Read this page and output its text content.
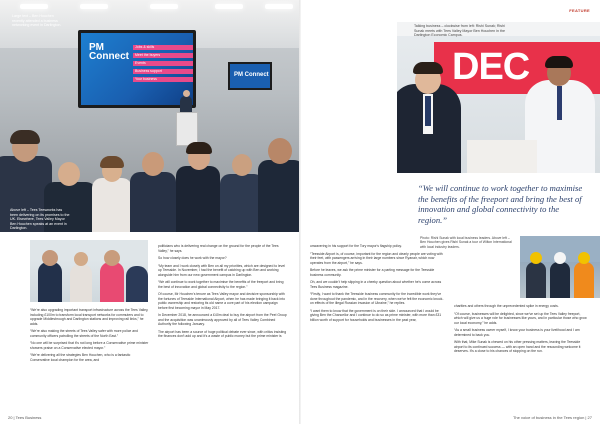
PM Connect
Jobs & skills
Meet the buyers
Events
Business support
Your business
PM Connect
Large text – Ben Houchen recently attended a business networking event in Darlington.
Above left – Tees Teesworks has been delivering on its promises to the UK. Elsewhere, Tees Valley Mayor Ben Houchen speaks at an event in Darlington.

“We're also upgrading important transport infrastructure across the Tees Valley, including £100m to transform local transport networks for commuters and to upgrade Middlesbrough and Darlington stations and improving rail links,” he adds.

“We're also making the streets of Tees Valley safer with more police and community officers patrolling the streets of the North East.”

“No one will be surprised that it's not long before a Conservative prime minister showers praise on a Conservative elected mayor.”

“We're delivering all the strategies Ben Houchen, who is a fantastic Conservative local champion for the area, and

politicians who is delivering real change on the ground for the people of the Tees Valley,” he says.

So how closely does he work with the mayor?

“My team and I work closely with Ben on all my priorities, which are designed to level up Teesside. In November, I had the benefit of catching up with Ben and working alongside him from our new government campus in Darlington.

“We will continue to work together to maximise the benefits of the freeport and bring the best of innovation and global connectivity to the region.”

Of course, Mr Houchen's tenure as Tees Valley mayor and decisive sponsorship with the fortunes of Teesside International Airport, when he has made bringing it back into public ownership and restoring its old name a core part of his election campaign before first becoming mayor in May 2017.

In December 2018, he announced a £40m deal to buy the airport from the Peel Group and the acquisition was unanimously approved by all of Tees Valley Combined Authority the following January.

The airport has been a source of huge political debate ever since, with critics insisting the finances don't add up and it's a waste of public money but the prime minister is

20 | Tees Business
FEATURE
DEC
Talking business – clockwise from left: Rishi Sunak; Rishi Sunak meets with Tees Valley Mayor Ben Houchen in the Darlington Economic Campus.
“We will continue to work together to maximise the benefits of the freeport and bring the best of innovation and global connectivity to the region.”
Photo: Rishi Sunak with local business leaders. Above left – Ben Houchen gives Rishi Sunak a tour of Wilton International with local industry leaders.

unwavering in his support for the Tory mayor's flagship policy.

“Teesside Airport is, of course, important for the region and clearly people are voting with their feet, with passengers arriving in their large numbers since Ryanair, which now operates from the airport,” he says.

Before he leaves, we ask the prime minister for a parting message for the Teesside business community.

Oh, and we couldn't help slipping in a cheeky question about whether he's come across Tees Business magazine.

“Firstly, I want to thank the Teesside business community for the incredible work they've done throughout the pandemic, and in the recovery, when we've felt the economic knock-on effects of the illegal Russian invasion of Ukraine,” he replies.

“I want them to know that the government is on their side. I announced that I would be giving Ben the Chancellor and I continue to do so as prime minister, with more than £31 billion worth of support for households and businesses in the past year,

charities and others through the unprecedented spike in energy costs.

“Of course, businesses will be delighted, since we've set up the Tees Valley freeport, which will give us a huge role for businesses like yours, and in particular those who grow our local economy,” he adds.

“As a small business owner myself, I know your business is your livelihood and I am determined to back you.

With that, Mike Sunak is chewed on his other pressing matters, leaving the Teesside airport to its continued success — with an open hand and the resounding welcome it deserves. It's a close to his chances of stopping on the run.

The voice of business in the Tees region | 27
